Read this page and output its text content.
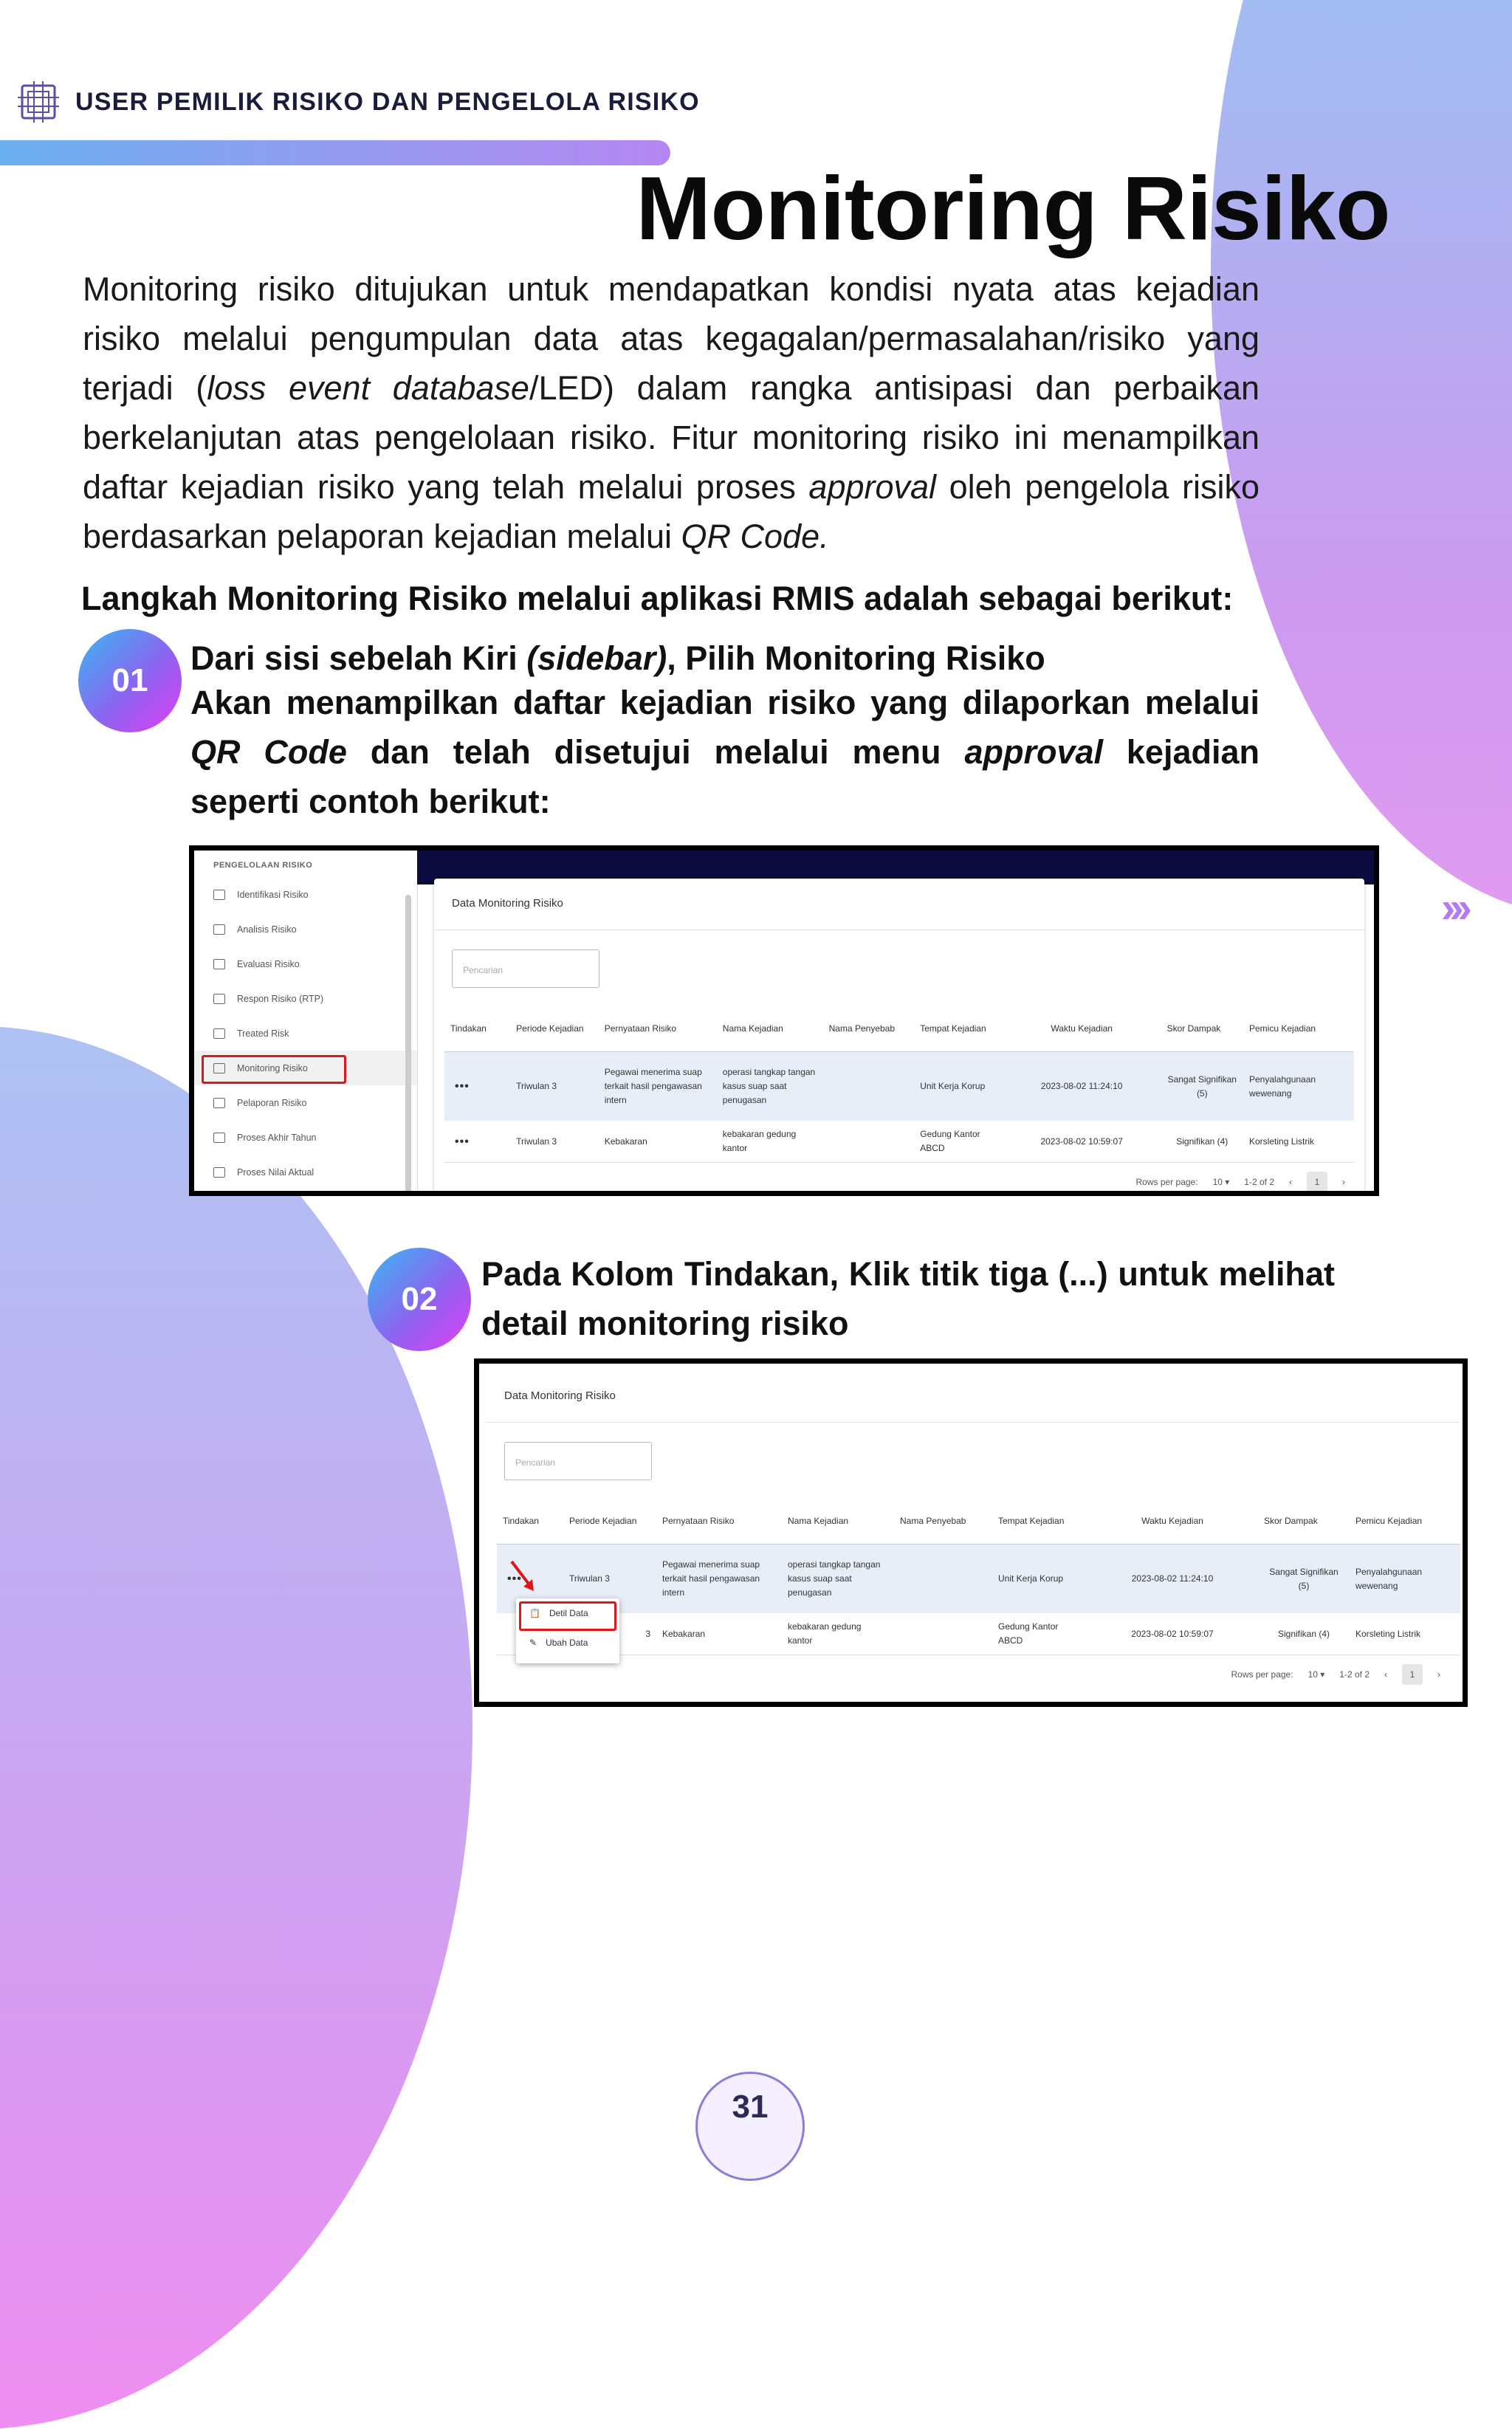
USER PEMILIK RISIKO DAN PENGELOLA RISIKO
Monitoring Risiko

Monitoring risiko ditujukan untuk mendapatkan kondisi nyata atas kejadian risiko melalui pengumpulan data atas kegagalan/permasalahan/risiko yang terjadi (loss event database/LED) dalam rangka antisipasi dan perbaikan berkelanjutan atas pengelolaan risiko. Fitur monitoring risiko ini menampilkan daftar kejadian risiko yang telah melalui proses approval oleh pengelola risiko berdasarkan pelaporan kejadian melalui QR Code.

Langkah Monitoring Risiko melalui aplikasi RMIS adalah sebagai berikut:

01

Dari sisi sebelah Kiri (sidebar), Pilih Monitoring Risiko

Akan menampilkan daftar kejadian risiko yang dilaporkan melalui QR Code dan telah disetujui melalui menu approval kejadian seperti contoh berikut:

›››
PENGELOLAAN RISIKO
Identifikasi Risiko
Analisis Risiko
Evaluasi Risiko
Respon Risiko (RTP)
Treated Risk
Monitoring Risiko
Pelaporan Risiko
Proses Akhir Tahun
Proses Nilai Aktual
Data Monitoring Risiko
Pencarian
Tindakan	Periode Kejadian	Pernyataan Risiko	Nama Kejadian	Nama Penyebab	Tempat Kejadian	Waktu Kejadian	Skor Dampak	Pemicu Kejadian
•••	Triwulan 3	Pegawai menerima suap terkait hasil pengawasan intern	operasi tangkap tangan kasus suap saat penugasan		Unit Kerja Korup	2023-08-02 11:24:10	Sangat Signifikan (5)	Penyalahgunaan wewenang
•••	Triwulan 3	Kebakaran	kebakaran gedung kantor		Gedung Kantor ABCD	2023-08-02 10:59:07	Signifikan (4)	Korsleting Listrik
Rows per page: 10 ▾ 1-2 of 2 ‹	1	›
02

Pada Kolom Tindakan, Klik titik tiga (...) untuk melihat detail monitoring risiko

Data Monitoring Risiko
Pencarian
Tindakan	Periode Kejadian	Pernyataan Risiko	Nama Kejadian	Nama Penyebab	Tempat Kejadian	Waktu Kejadian	Skor Dampak	Pemicu Kejadian
•••	Triwulan 3	Pegawai menerima suap terkait hasil pengawasan intern	operasi tangkap tangan kasus suap saat penugasan		Unit Kerja Korup	2023-08-02 11:24:10	Sangat Signifikan (5)	Penyalahgunaan wewenang
	3	Kebakaran	kebakaran gedung kantor		Gedung Kantor ABCD	2023-08-02 10:59:07	Signifikan (4)	Korsleting Listrik
Rows per page: 10 ▾ 1-2 of 2 ‹	1	›
📋 Detil Data
✎ Ubah Data
31
